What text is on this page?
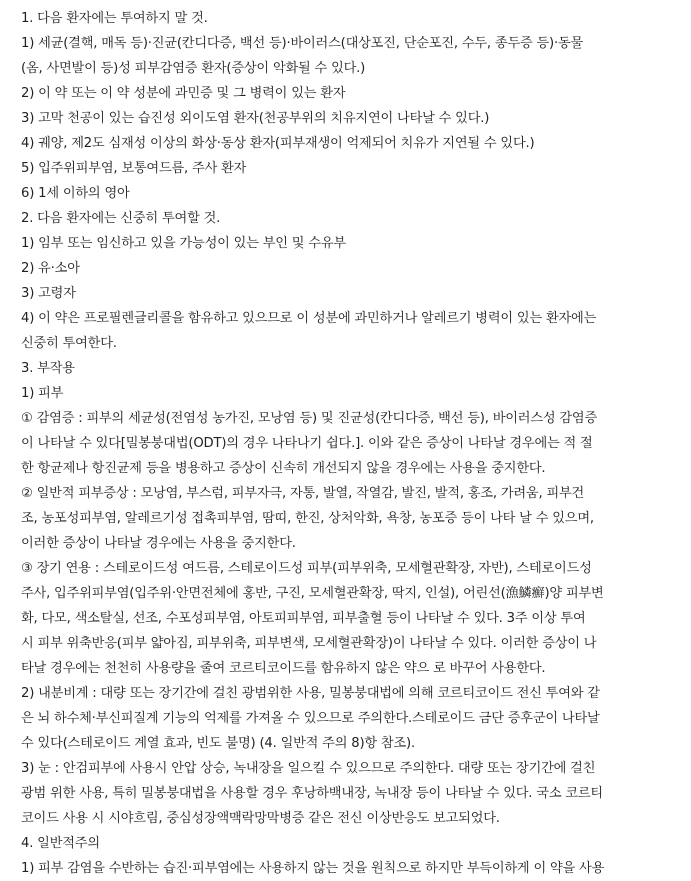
1. 다음 환자에는 투여하지 말 것.
1) 세균(결핵, 매독 등)·진균(칸디다증, 백선 등)·바이러스(대상포진, 단순포진, 수두, 종두증 등)·동물
(옴, 사면발이 등)성 피부감염증 환자(증상이 악화될 수 있다.)
2) 이 약 또는 이 약 성분에 과민증 및 그 병력이 있는 환자
3) 고막 천공이 있는 습진성 외이도염 환자(천공부위의 치유지연이 나타날 수 있다.)
4) 궤양, 제2도 심재성 이상의 화상·동상 환자(피부재생이 억제되어 치유가 지연될 수 있다.)
5) 입주위피부염, 보통여드름, 주사 환자
6) 1세 이하의 영아
2. 다음 환자에는 신중히 투여할 것.
1) 임부 또는 임신하고 있을 가능성이 있는 부인 및 수유부
2) 유·소아
3) 고령자
4) 이 약은 프로필렌글리콜을 함유하고 있으므로 이 성분에 과민하거나 알레르기 병력이 있는 환자에는
신중히 투여한다.
3. 부작용
1) 피부
① 감염증 : 피부의 세균성(전염성 농가진, 모낭염 등) 및 진균성(칸디다증, 백선 등), 바이러스성 감염증
이 나타날 수 있다[밀봉붕대법(ODT)의 경우 나타나기 쉽다.]. 이와 같은 증상이 나타날 경우에는 적 절
한 항균제나 항진균제 등을 병용하고 증상이 신속히 개선되지 않을 경우에는 사용을 중지한다.
② 일반적 피부증상 : 모낭염, 부스럼, 피부자극, 자통, 발열, 작열감, 발진, 발적, 홍조, 가려움, 피부건
조, 농포성피부염, 알레르기성 접촉피부염, 땀띠, 한진, 상처악화, 욕창, 농포증 등이 나타 날 수 있으며,
이러한 증상이 나타날 경우에는 사용을 중지한다.
③ 장기 연용 : 스테로이드성 여드름, 스테로이드성 피부(피부위축, 모세혈관확장, 자반), 스테로이드성
주사, 입주위피부염(입주위·안면전체에 홍반, 구진, 모세혈관확장, 딱지, 인설), 어린선(漁鱗癬)양 피부변
화, 다모, 색소탈실, 선조, 수포성피부염, 아토피피부염, 피부출혈 등이 나타날 수 있다. 3주 이상 투여
시 피부 위축반응(피부 얇아짐, 피부위축, 피부변색, 모세혈관확장)이 나타날 수 있다. 이러한 증상이 나
타날 경우에는 천천히 사용량을 줄여 코르티코이드를 함유하지 않은 약으 로 바꾸어 사용한다.
2) 내분비계 : 대량 또는 장기간에 걸친 광범위한 사용, 밀봉붕대법에 의해 코르티코이드 전신 투여와 같
은 뇌 하수체·부신피질계 기능의 억제를 가져올 수 있으므로 주의한다.스테로이드 금단 증후군이 나타날
수 있다(스테로이드 계열 효과, 빈도 불명) (4. 일반적 주의 8)항 참조).
3) 눈 : 안검피부에 사용시 안압 상승, 녹내장을 일으킬 수 있으므로 주의한다. 대량 또는 장기간에 걸친
광범 위한 사용, 특히 밀봉붕대법을 사용할 경우 후낭하백내장, 녹내장 등이 나타날 수 있다. 국소 코르티
코이드 사용 시 시야흐림, 중심성장액맥락망막병증 같은 전신 이상반응도 보고되었다.
4. 일반적주의
1) 피부 감염을 수반하는 습진·피부염에는 사용하지 않는 것을 원칙으로 하지만 부득이하게 이 약을 사용
